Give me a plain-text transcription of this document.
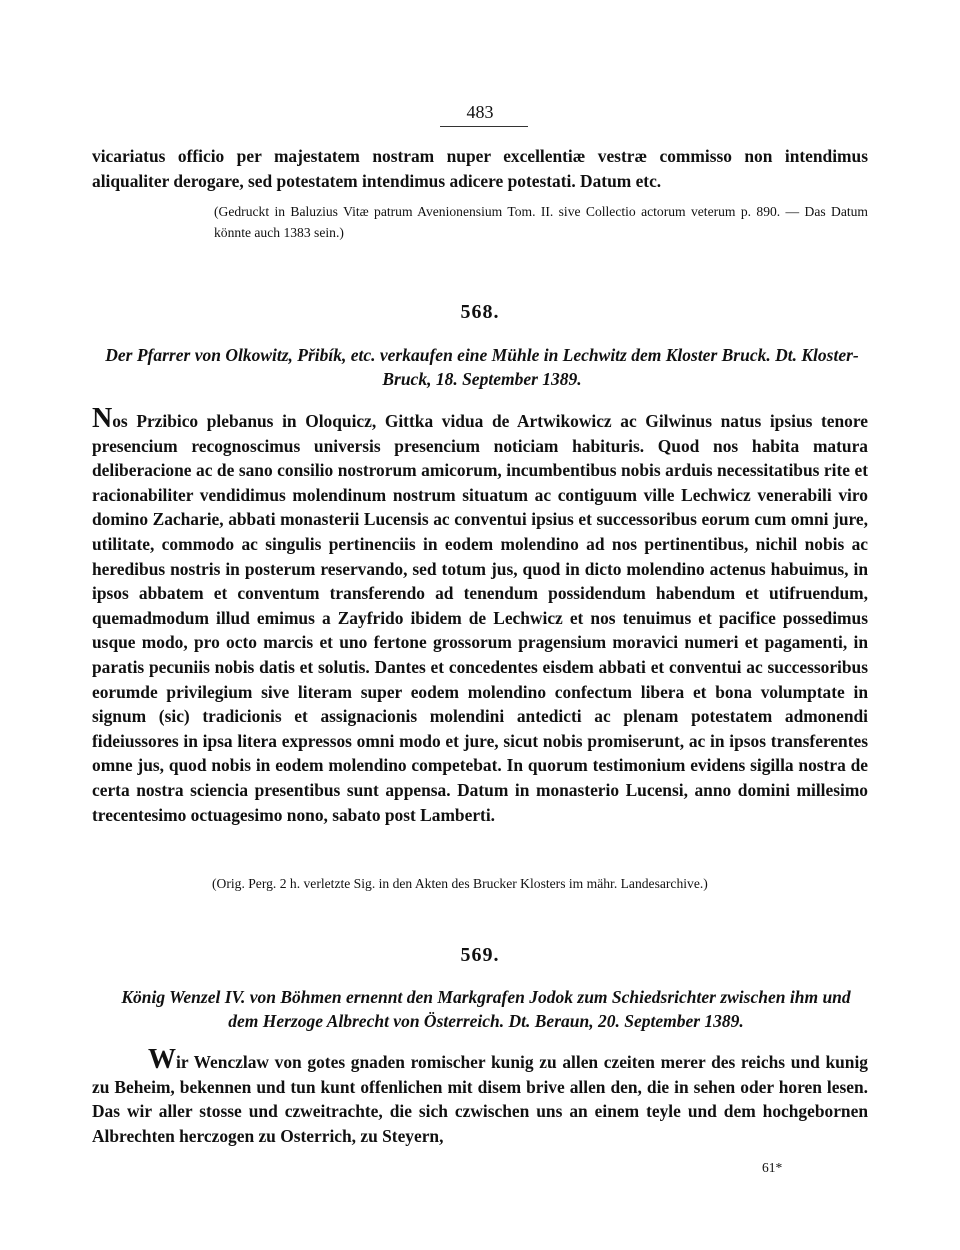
483
vicariatus officio per majestatem nostram nuper excellentiæ vestræ commisso non intendimus aliqualiter derogare, sed potestatem intendimus adicere potestati. Datum etc.
(Gedruckt in Baluzius Vitæ patrum Avenionensium Tom. II. sive Collectio actorum veterum p. 890. — Das Datum könnte auch 1383 sein.)
568.
Der Pfarrer von Olkowitz, Přibík, etc. verkaufen eine Mühle in Lechwitz dem Kloster Bruck. Dt. Kloster-Bruck, 18. September 1389.
Nos Przibico plebanus in Oloquicz, Gittka vidua de Artwikowicz ac Gilwinus natus ipsius tenore presencium recognoscimus universis presencium noticiam habituris. Quod nos habita matura deliberacione ac de sano consilio nostrorum amicorum, incumbentibus nobis arduis necessitatibus rite et racionabiliter vendidimus molendinum nostrum situatum ac contiguum ville Lechwicz venerabili viro domino Zacharie, abbati monasterii Lucensis ac conventui ipsius et successoribus eorum cum omni jure, utilitate, commodo ac singulis pertinenciis in eodem molendino ad nos pertinentibus, nichil nobis ac heredibus nostris in posterum reservando, sed totum jus, quod in dicto molendino actenus habuimus, in ipsos abbatem et conventum transferendo ad tenendum possidendum habendum et utifruendum, quemadmodum illud emimus a Zayfrido ibidem de Lechwicz et nos tenuimus et pacifice possedimus usque modo, pro octo marcis et uno fertone grossorum pragensium moravici numeri et pagamenti, in paratis pecuniis nobis datis et solutis. Dantes et concedentes eisdem abbati et conventui ac successoribus eorumde privilegium sive literam super eodem molendino confectum libera et bona volumptate in signum (sic) tradicionis et assignacionis molendini antedicti ac plenam potestatem admonendi fideiussores in ipsa litera expressos omni modo et jure, sicut nobis promiserunt, ac in ipsos transferentes omne jus, quod nobis in eodem molendino competebat. In quorum testimonium evidens sigilla nostra de certa nostra sciencia presentibus sunt appensa. Datum in monasterio Lucensi, anno domini millesimo trecentesimo octuagesimo nono, sabato post Lamberti.
(Orig. Perg. 2 h. verletzte Sig. in den Akten des Brucker Klosters im mähr. Landesarchive.)
569.
König Wenzel IV. von Böhmen ernennt den Markgrafen Jodok zum Schiedsrichter zwischen ihm und dem Herzoge Albrecht von Österreich. Dt. Beraun, 20. September 1389.
Wir Wenczlaw von gotes gnaden romischer kunig zu allen czeiten merer des reichs und kunig zu Beheim, bekennen und tun kunt offenlichen mit disem brive allen den, die in sehen oder horen lesen. Das wir aller stosse und czweitrachte, die sich czwischen uns an einem teyle und dem hochgebornen Albrechten herczogen zu Osterrich, zu Steyern,
61*
